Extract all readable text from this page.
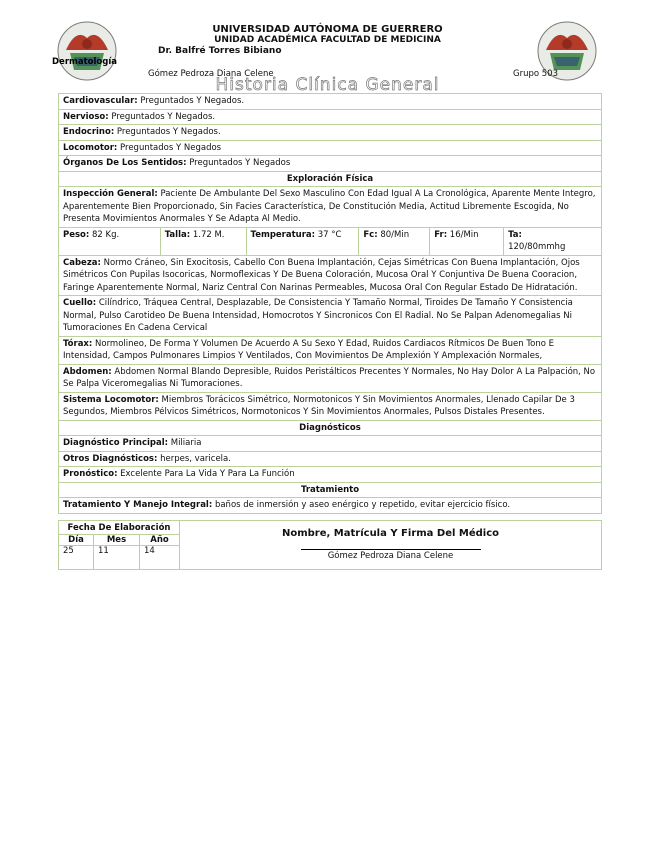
Dermatología
UNIVERSIDAD AUTÓNOMA DE GUERRERO
UNIDAD ACADÉMICA FACULTAD DE MEDICINA
Dr. Balfré Torres Bibiano
Gómez Pedroza Diana Celene	Grupo 503
Historia Clínica General
Cardiovascular: Preguntados Y Negados.
Nervioso: Preguntados Y Negados.
Endocrino: Preguntados Y Negados.
Locomotor: Preguntados Y Negados
Órganos De Los Sentidos: Preguntados Y Negados
Exploración Física
Inspección General: Paciente De Ambulante Del Sexo Masculino Con Edad Igual A La Cronológica, Aparente Mente Integro, Aparentemente Bien Proporcionado, Sin Facies Característica, De Constitución Media, Actitud Libremente Escogida, No Presenta Movimientos Anormales Y Se Adapta Al Medio.
Peso: 82 Kg.	Talla: 1.72 M.	Temperatura: 37 °C	Fc: 80/Min	Fr: 16/Min	Ta:
120/80mmhg
Cabeza: Normo Cráneo, Sin Exocitosis, Cabello Con Buena Implantación, Cejas Simétricas Con Buena Implantación, Ojos Simétricos Con Pupilas Isocoricas, Normoflexicas Y De Buena Coloración, Mucosa Oral Y Conjuntiva De Buena Cooracion, Faringe Aparentemente Normal, Nariz Central Con Narinas Permeables, Mucosa Oral Con Regular Estado De Hidratación.
Cuello: Cilíndrico, Tráquea Central, Desplazable, De Consistencia Y Tamaño Normal, Tiroides De Tamaño Y Consistencia Normal, Pulso Carotideo De Buena Intensidad, Homocrotos Y Sincronicos Con El Radial. No Se Palpan Adenomegalias Ni Tumoraciones En Cadena Cervical
Tórax: Normolineo, De Forma Y Volumen De Acuerdo A Su Sexo Y Edad, Ruidos Cardiacos Rítmicos De Buen Tono E Intensidad, Campos Pulmonares Limpios Y Ventilados, Con Movimientos De Amplexión Y Amplexación Normales,
Abdomen: Abdomen Normal Blando Depresible, Ruidos Peristálticos Precentes Y Normales, No Hay Dolor A La Palpación, No Se Palpa Viceromegalias Ni Tumoraciones.
Sistema Locomotor: Miembros Torácicos Simétrico, Normotonicos Y Sin Movimientos Anormales, Llenado Capilar De 3 Segundos, Miembros Pélvicos Simétricos, Normotonicos Y Sin Movimientos Anormales, Pulsos Distales Presentes.
Diagnósticos
Diagnóstico Principal: Miliaria
Otros Diagnósticos: herpes, varicela.
Pronóstico: Excelente Para La Vida Y Para La Función
Tratamiento
Tratamiento Y Manejo Integral: baños de inmersión y aseo enérgico y repetido, evitar ejercicio físico.
Fecha De Elaboración			Nombre, Matrícula Y Firma Del Médico
Gómez Pedroza Diana Celene

Día	Mes	Año	
25	11	14	
